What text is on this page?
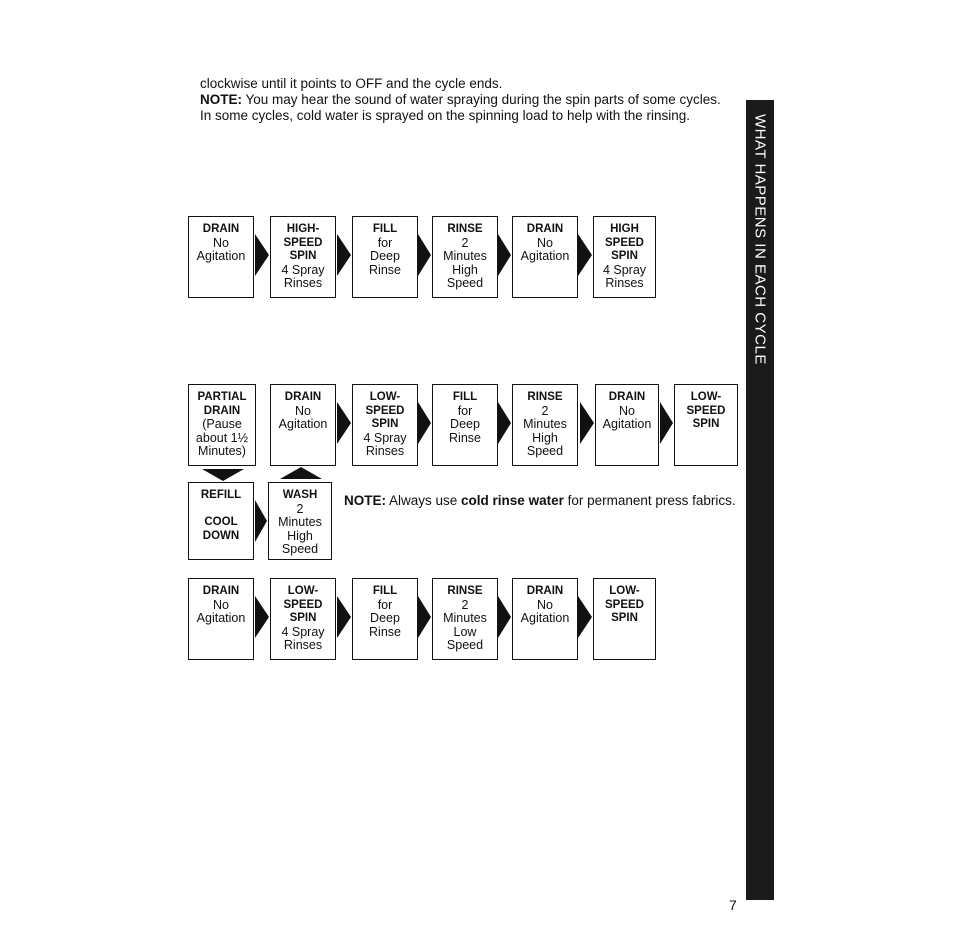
clockwise until it points to OFF and the cycle ends.

NOTE: You may hear the sound of water spraying during the spin parts of some cycles. In some cycles, cold water is sprayed on the spinning load to help with the rinsing.	WHAT HAPPENS IN EACH CYCLE
DRAIN
No
Agitation
HIGH-
SPEED
SPIN
4 Spray
Rinses
FILL
for
Deep
Rinse
RINSE
2
Minutes
High
Speed
DRAIN
No
Agitation
HIGH
SPEED
SPIN
4 Spray
Rinses
PARTIAL
DRAIN
(Pause
about 1½
Minutes)
DRAIN
No
Agitation
LOW-
SPEED
SPIN
4 Spray
Rinses
FILL
for
Deep
Rinse
RINSE
2
Minutes
High
Speed
DRAIN
No
Agitation
LOW-
SPEED
SPIN
REFILL

COOL
DOWN
WASH
2
Minutes
High
Speed
NOTE: Always use cold rinse water for permanent press fabrics.
DRAIN
No
Agitation
LOW-
SPEED
SPIN
4 Spray
Rinses
FILL
for
Deep
Rinse
RINSE
2
Minutes
Low
Speed
DRAIN
No
Agitation
LOW-
SPEED
SPIN
7
